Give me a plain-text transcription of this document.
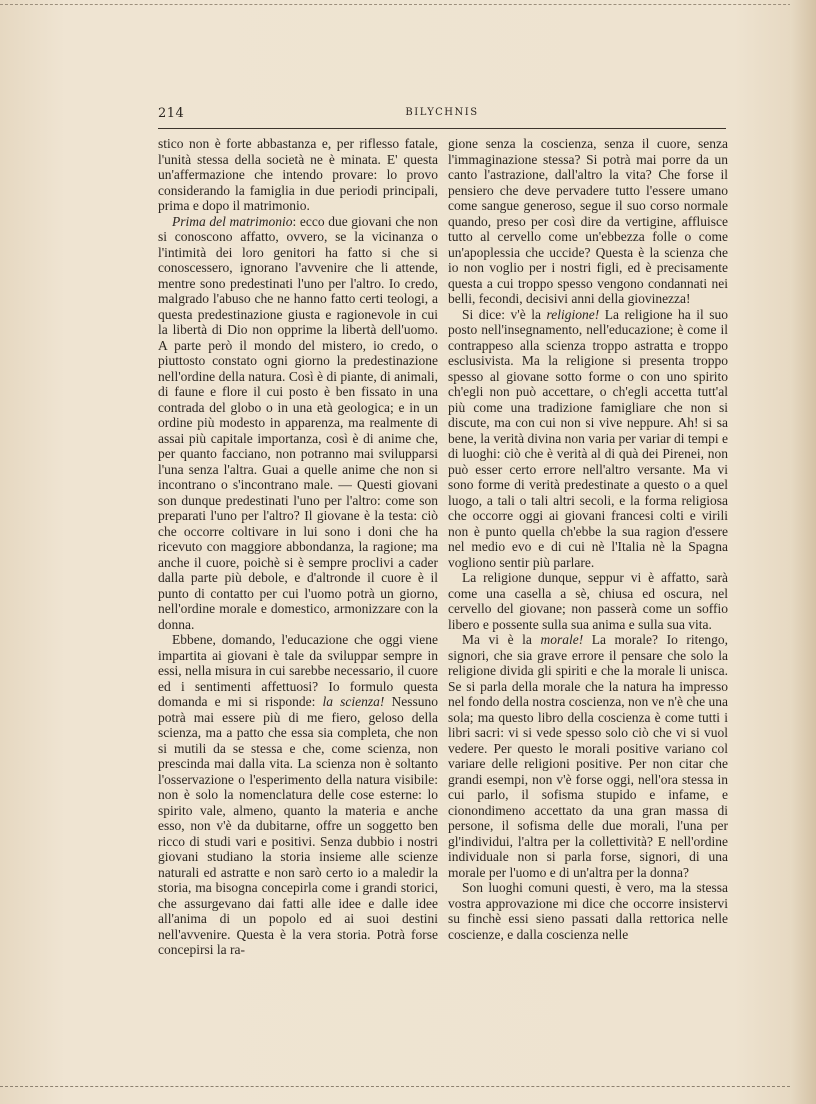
214	BILYCHNIS

stico non è forte abbastanza e, per riflesso fatale, l'unità stessa della società ne è minata. E' questa un'affermazione che intendo provare: lo provo considerando la famiglia in due periodi principali, prima e dopo il matrimonio.

Prima del matrimonio: ecco due giovani che non si conoscono affatto, ovvero, se la vicinanza o l'intimità dei loro genitori ha fatto si che si conoscessero, ignorano l'avvenire che li attende, mentre sono predestinati l'uno per l'altro. Io credo, malgrado l'abuso che ne hanno fatto certi teologi, a questa predestinazione giusta e ragionevole in cui la libertà di Dio non opprime la libertà dell'uomo. A parte però il mondo del mistero, io credo, o piuttosto constato ogni giorno la predestinazione nell'ordine della natura. Così è di piante, di animali, di faune e flore il cui posto è ben fissato in una contrada del globo o in una età geologica; e in un ordine più modesto in apparenza, ma realmente di assai più capitale importanza, così è di anime che, per quanto facciano, non potranno mai svilupparsi l'una senza l'altra. Guai a quelle anime che non si incontrano o s'incontrano male. — Questi giovani son dunque predestinati l'uno per l'altro: come son preparati l'uno per l'altro? Il giovane è la testa: ciò che occorre coltivare in lui sono i doni che ha ricevuto con maggiore abbondanza, la ragione; ma anche il cuore, poichè si è sempre proclivi a cader dalla parte più debole, e d'altronde il cuore è il punto di contatto per cui l'uomo potrà un giorno, nell'ordine morale e domestico, armonizzare con la donna.

Ebbene, domando, l'educazione che oggi viene impartita ai giovani è tale da sviluppar sempre in essi, nella misura in cui sarebbe necessario, il cuore ed i sentimenti affettuosi? Io formulo questa domanda e mi si risponde: la scienza! Nessuno potrà mai essere più di me fiero, geloso della scienza, ma a patto che essa sia completa, che non si mutili da se stessa e che, come scienza, non prescinda mai dalla vita. La scienza non è soltanto l'osservazione o l'esperimento della natura visibile: non è solo la nomenclatura delle cose esterne: lo spirito vale, almeno, quanto la materia e anche esso, non v'è da dubitarne, offre un soggetto ben ricco di studi vari e positivi. Senza dubbio i nostri giovani studiano la storia insieme alle scienze naturali ed astratte e non sarò certo io a maledir la storia, ma bisogna concepirla come i grandi storici, che assurgevano dai fatti alle idee e dalle idee all'anima di un popolo ed ai suoi destini nell'avvenire. Questa è la vera storia. Potrà forse concepirsi la ra-

gione senza la coscienza, senza il cuore, senza l'immaginazione stessa? Si potrà mai porre da un canto l'astrazione, dall'altro la vita? Che forse il pensiero che deve pervadere tutto l'essere umano come sangue generoso, segue il suo corso normale quando, preso per così dire da vertigine, affluisce tutto al cervello come un'ebbezza folle o come un'apoplessia che uccide? Questa è la scienza che io non voglio per i nostri figli, ed è precisamente questa a cui troppo spesso vengono condannati nei belli, fecondi, decisivi anni della giovinezza!

Si dice: v'è la religione! La religione ha il suo posto nell'insegnamento, nell'educazione; è come il contrappeso alla scienza troppo astratta e troppo esclusivista. Ma la religione si presenta troppo spesso al giovane sotto forme o con uno spirito ch'egli non può accettare, o ch'egli accetta tutt'al più come una tradizione famigliare che non si discute, ma con cui non si vive neppure. Ah! si sa bene, la verità divina non varia per variar di tempi e di luoghi: ciò che è verità al di quà dei Pirenei, non può esser certo errore nell'altro versante. Ma vi sono forme di verità predestinate a questo o a quel luogo, a tali o tali altri secoli, e la forma religiosa che occorre oggi ai giovani francesi colti e virili non è punto quella ch'ebbe la sua ragion d'essere nel medio evo e di cui nè l'Italia nè la Spagna vogliono sentir più parlare.

La religione dunque, seppur vi è affatto, sarà come una casella a sè, chiusa ed oscura, nel cervello del giovane; non passerà come un soffio libero e possente sulla sua anima e sulla sua vita.

Ma vi è la morale! La morale? Io ritengo, signori, che sia grave errore il pensare che solo la religione divida gli spiriti e che la morale li unisca. Se si parla della morale che la natura ha impresso nel fondo della nostra coscienza, non ve n'è che una sola; ma questo libro della coscienza è come tutti i libri sacri: vi si vede spesso solo ciò che vi si vuol vedere. Per questo le morali positive variano col variare delle religioni positive. Per non citar che grandi esempi, non v'è forse oggi, nell'ora stessa in cui parlo, il sofisma stupido e infame, e cionondimeno accettato da una gran massa di persone, il sofisma delle due morali, l'una per gl'individui, l'altra per la collettività? E nell'ordine individuale non si parla forse, signori, di una morale per l'uomo e di un'altra per la donna?

Son luoghi comuni questi, è vero, ma la stessa vostra approvazione mi dice che occorre insistervi su finchè essi sieno passati dalla rettorica nelle coscienze, e dalla coscienza nelle
